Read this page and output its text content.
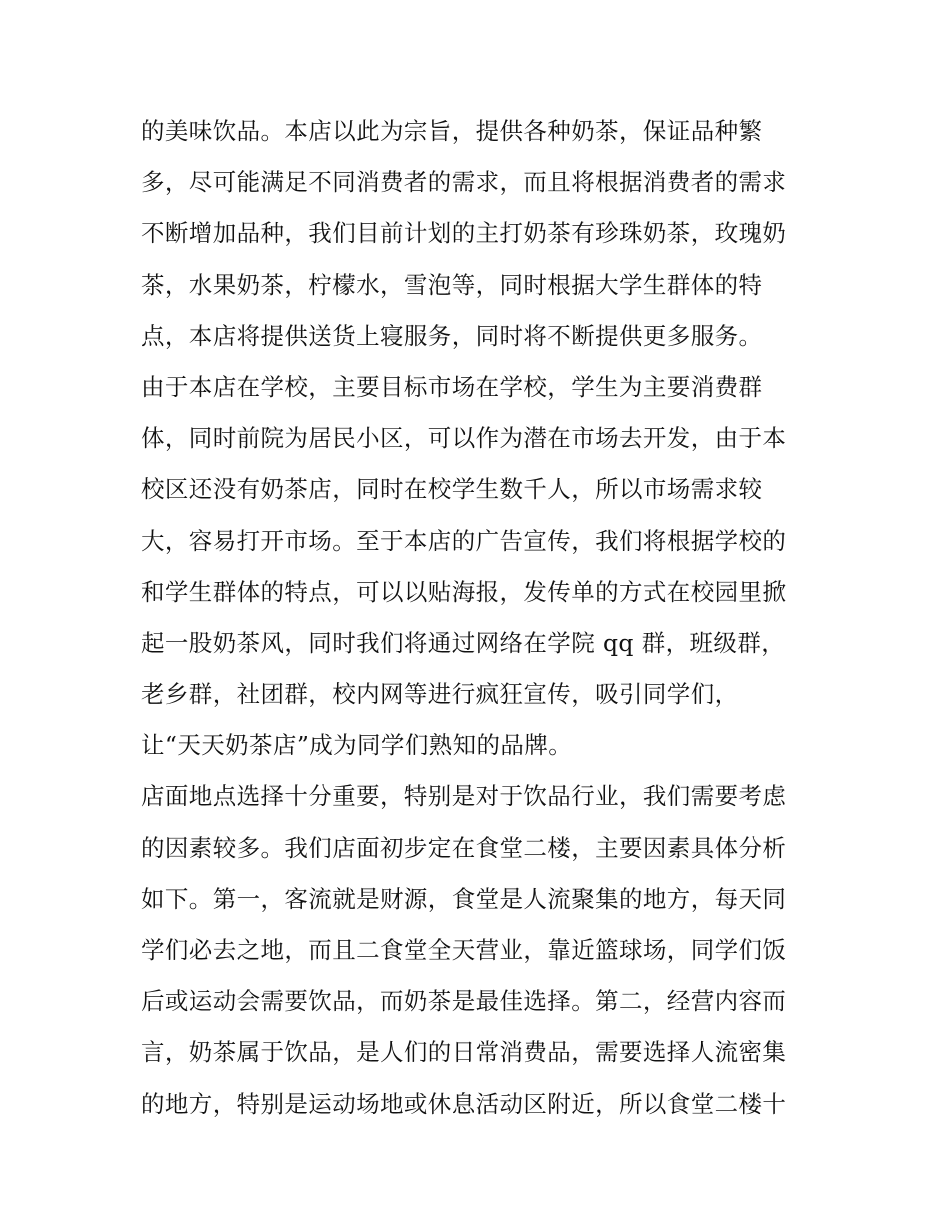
的美味饮品。本店以此为宗旨，提供各种奶茶，保证品种繁
多，尽可能满足不同消费者的需求，而且将根据消费者的需求
不断增加品种，我们目前计划的主打奶茶有珍珠奶茶，玫瑰奶
茶，水果奶茶，柠檬水，雪泡等，同时根据大学生群体的特
点，本店将提供送货上寝服务，同时将不断提供更多服务。
由于本店在学校，主要目标市场在学校，学生为主要消费群
体，同时前院为居民小区，可以作为潜在市场去开发，由于本
校区还没有奶茶店，同时在校学生数千人，所以市场需求较
大，容易打开市场。至于本店的广告宣传，我们将根据学校的
和学生群体的特点，可以以贴海报，发传单的方式在校园里掀
起一股奶茶风，同时我们将通过网络在学院 qq 群，班级群，
老乡群，社团群，校内网等进行疯狂宣传，吸引同学们，
让“天天奶茶店”成为同学们熟知的品牌。
店面地点选择十分重要，特别是对于饮品行业，我们需要考虑
的因素较多。我们店面初步定在食堂二楼，主要因素具体分析
如下。第一，客流就是财源，食堂是人流聚集的地方，每天同
学们必去之地，而且二食堂全天营业，靠近篮球场，同学们饭
后或运动会需要饮品，而奶茶是最佳选择。第二，经营内容而
言，奶茶属于饮品，是人们的日常消费品，需要选择人流密集
的地方，特别是运动场地或休息活动区附近，所以食堂二楼十
